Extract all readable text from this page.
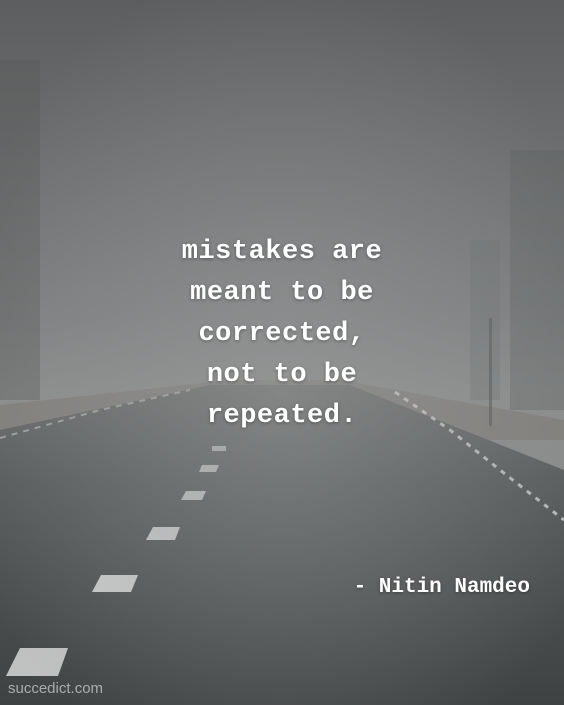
mistakes are
meant to be
corrected,
not to be
repeated.
- Nitin Namdeo
succedict.com
